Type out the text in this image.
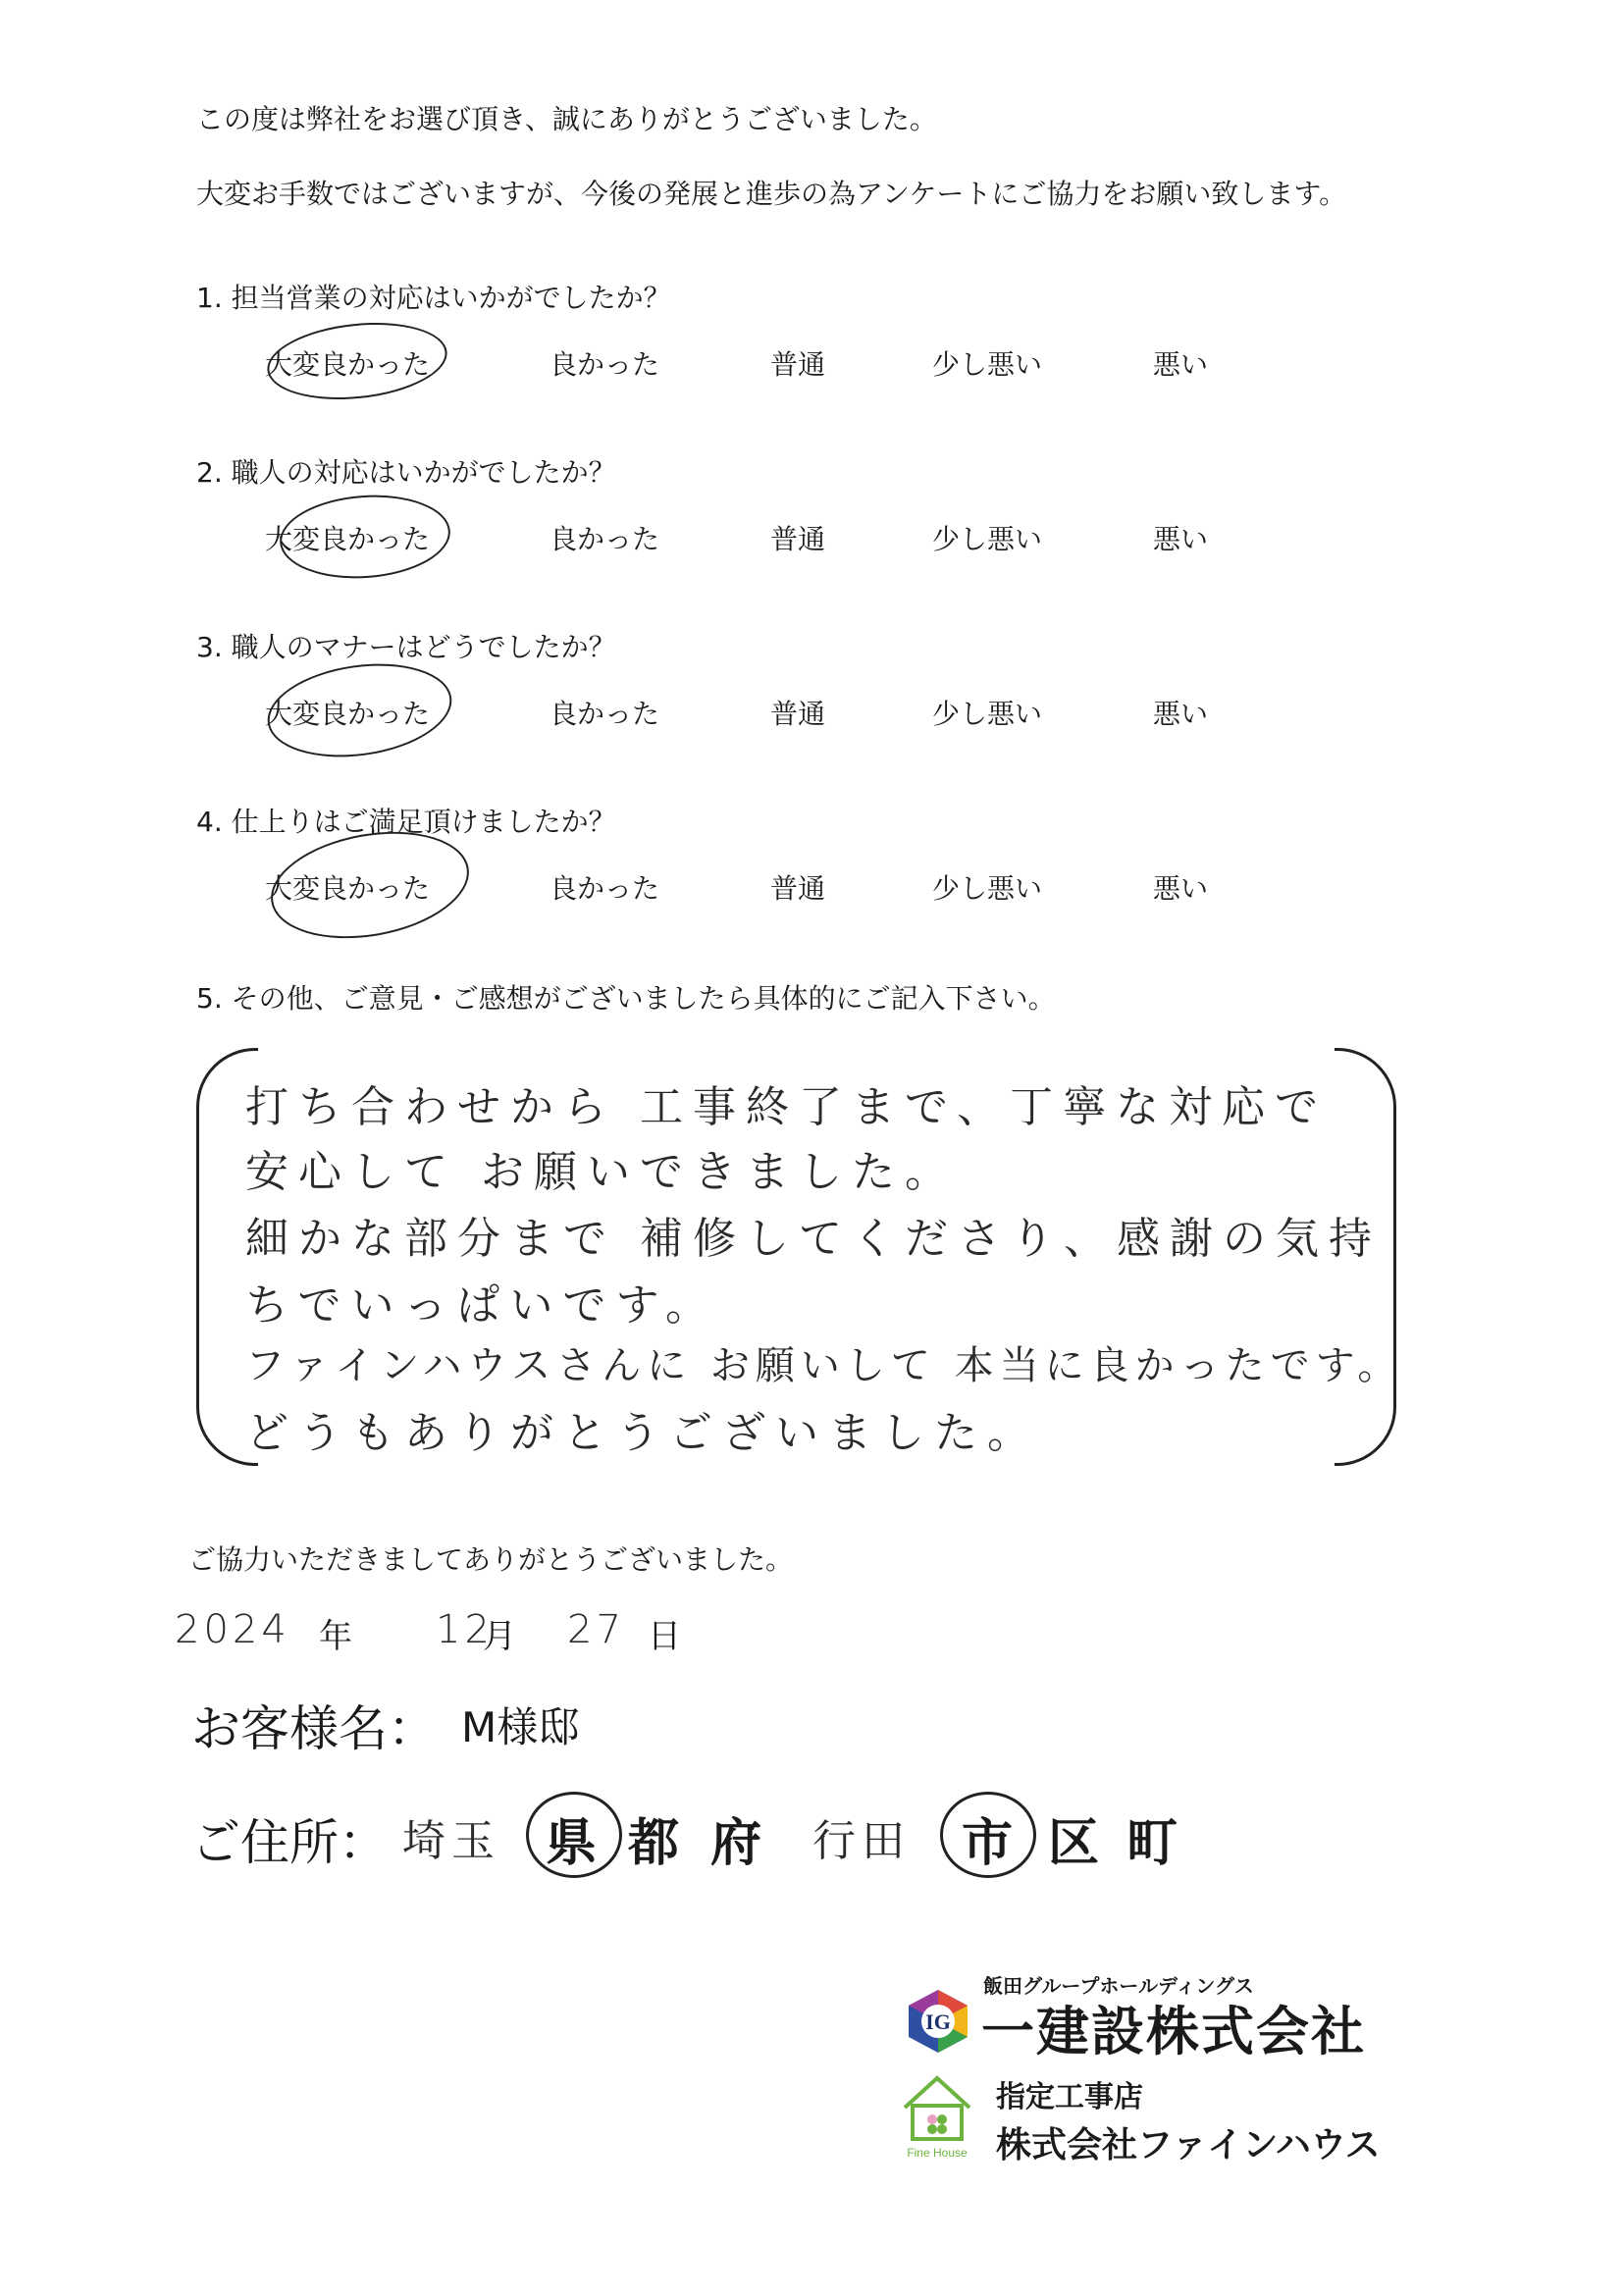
この度は弊社をお選び頂き、誠にありがとうございました。
大変お手数ではございますが、今後の発展と進歩の為アンケートにご協力をお願い致します。
1. 担当営業の対応はいかがでしたか？
大変良かった	良かった	普通	少し悪い	悪い
2. 職人の対応はいかがでしたか？
大変良かった	良かった	普通	少し悪い	悪い
3. 職人のマナーはどうでしたか？
大変良かった	良かった	普通	少し悪い	悪い
4. 仕上りはご満足頂けましたか？
大変良かった	良かった	普通	少し悪い	悪い
5. その他、ご意見・ご感想がございましたら具体的にご記入下さい。
打ち合わせから 工事終了まで、丁寧な対応で
安心して お願いできました。
細かな部分まで 補修してくださり、感謝の気持
ちでいっぱいです。
ファインハウスさんに お願いして 本当に良かったです。
どうもありがとうございました。
ご協力いただきましてありがとうございました。
2024 年 12
月 27 日
お客様名： M様邸
ご住所： 埼玉 県 都 府 行田 市 区 町
飯田グループホールディングス
IG 一建設株式会社
Fine House
指定工事店
株式会社ファインハウス
